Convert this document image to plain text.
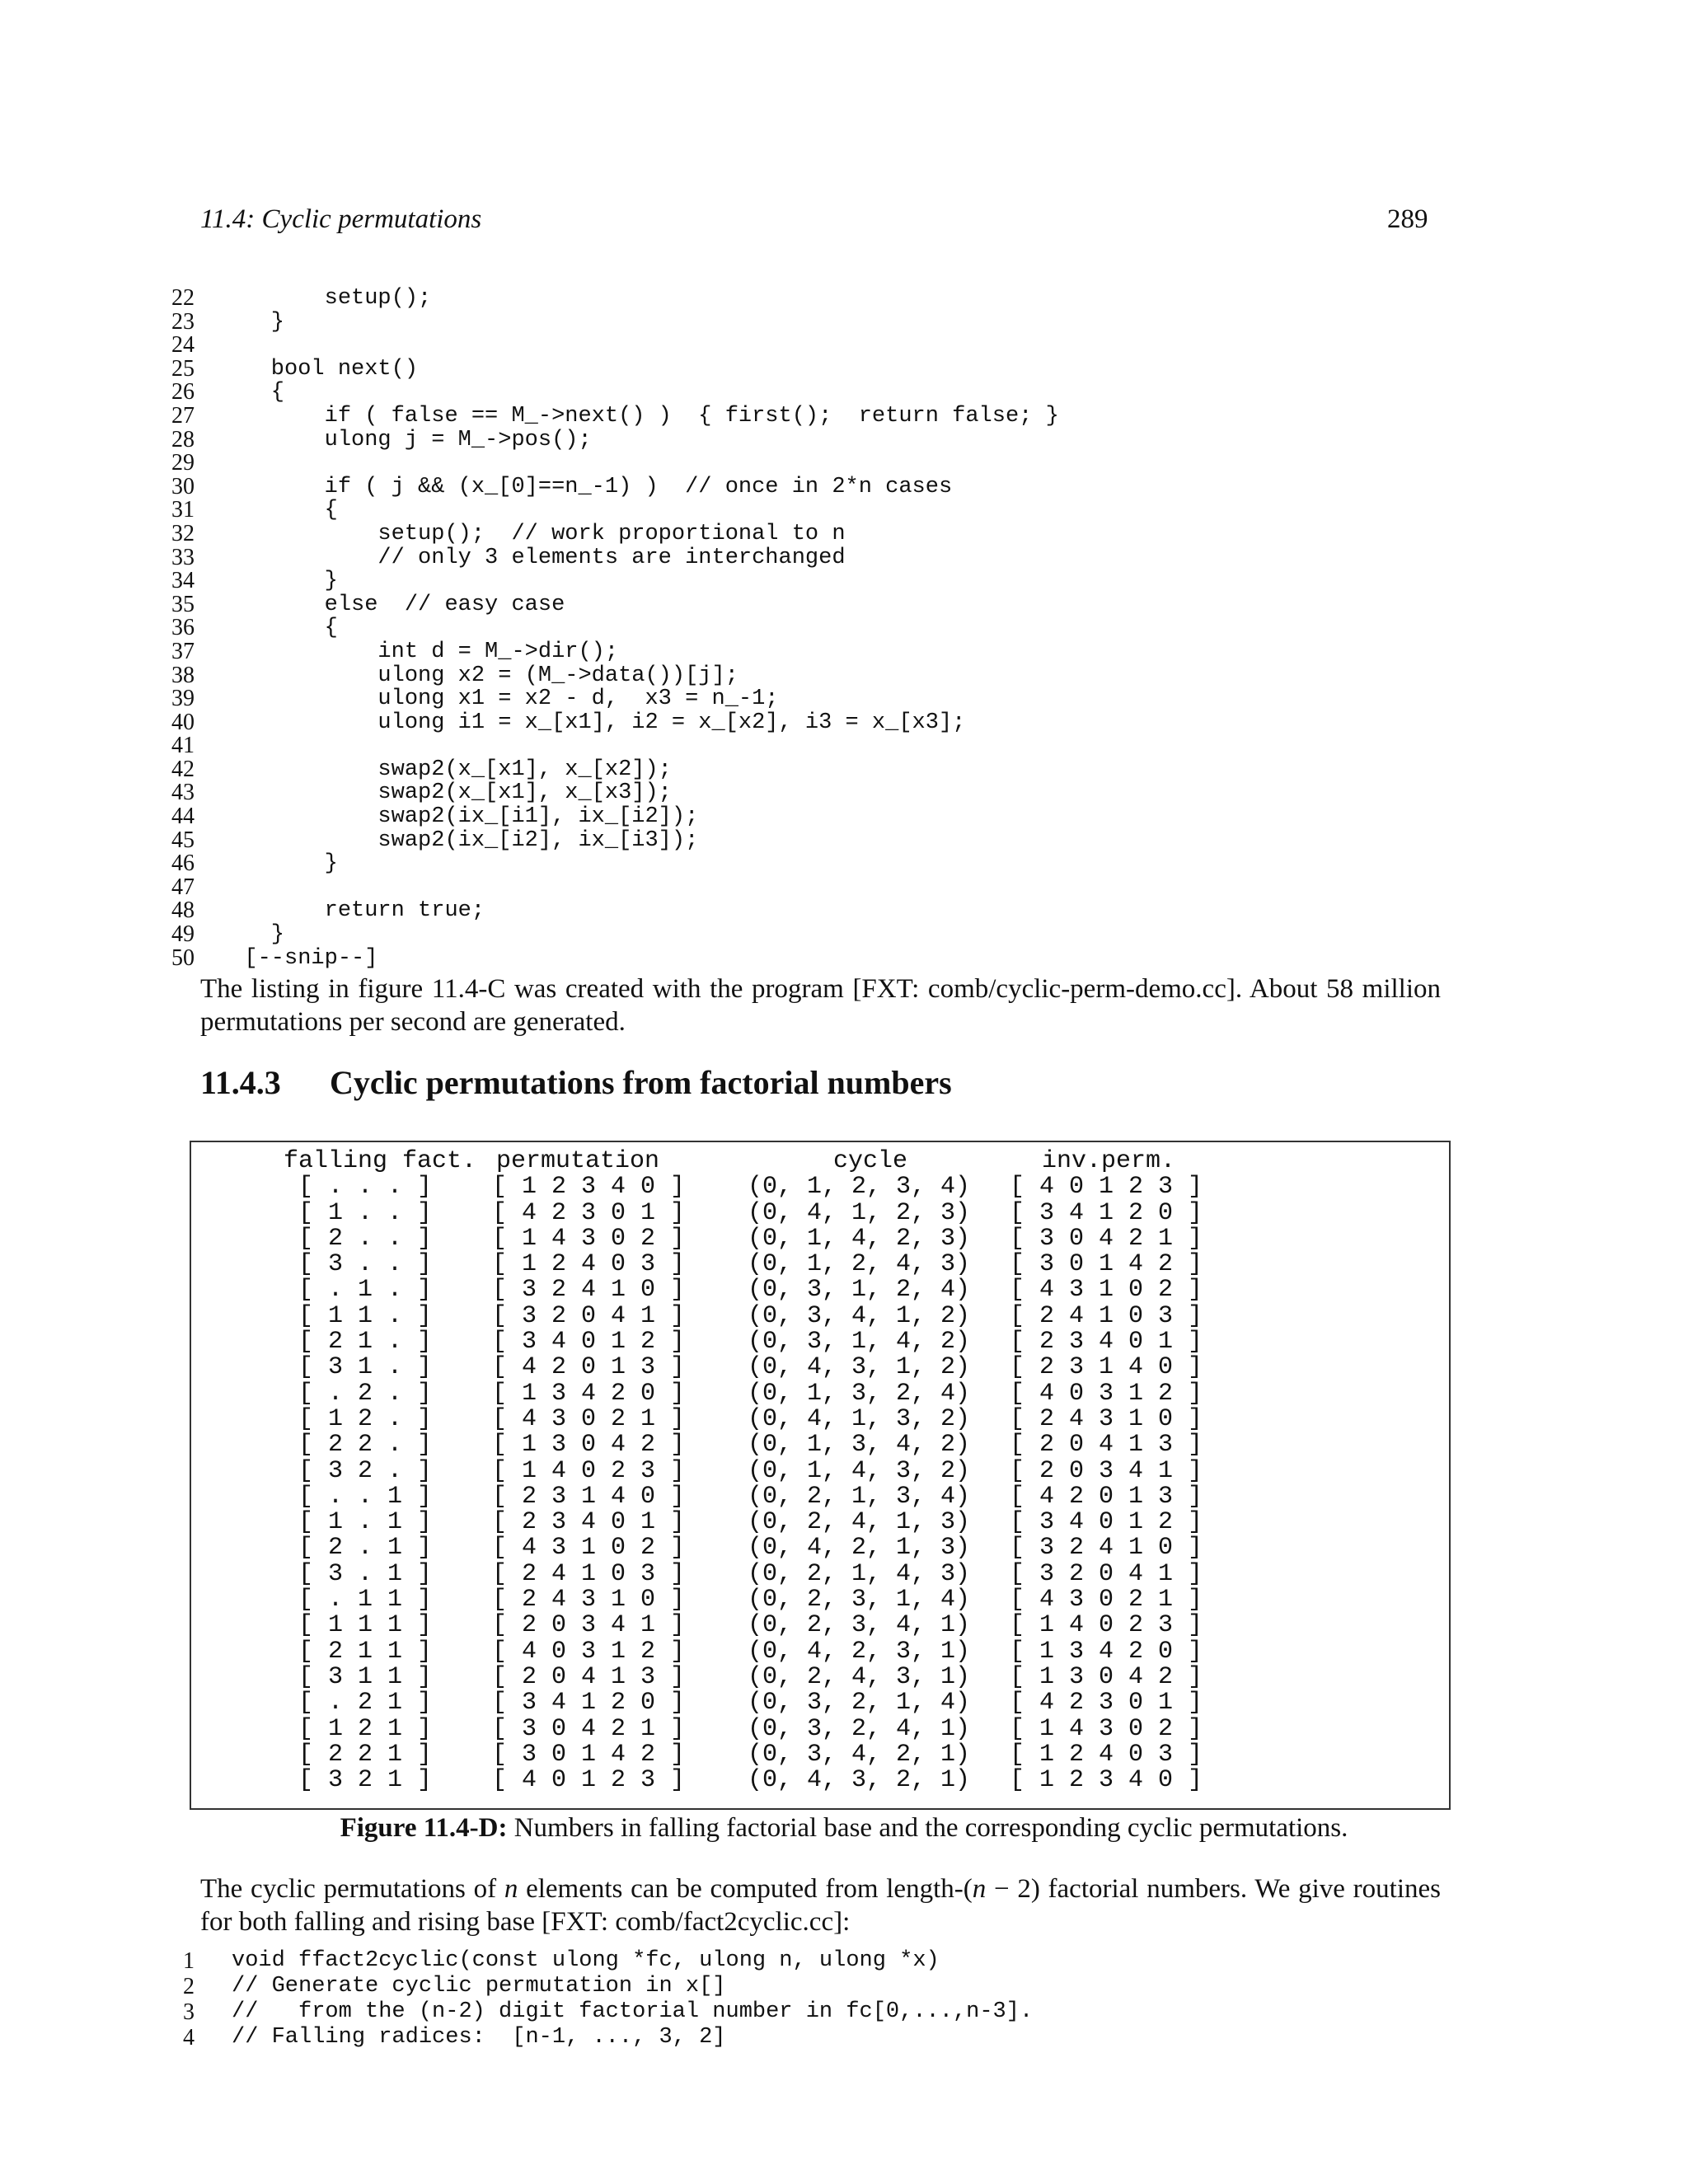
11.4: Cyclic permutations	289
22        setup();
23    }
24
25    bool next()
26    {
27        if ( false == M_->next() )  { first();  return false; }
28        ulong j = M_->pos();
29
30        if ( j && (x_[0]==n_-1) )  // once in 2*n cases
31        {
32            setup();  // work proportional to n
33            // only 3 elements are interchanged
34        }
35        else  // easy case
36        {
37            int d = M_->dir();
38            ulong x2 = (M_->data())[j];
39            ulong x1 = x2 - d,  x3 = n_-1;
40            ulong i1 = x_[x1], i2 = x_[x2], i3 = x_[x3];
41
42            swap2(x_[x1], x_[x2]);
43            swap2(x_[x1], x_[x3]);
44            swap2(ix_[i1], ix_[i2]);
45            swap2(ix_[i2], ix_[i3]);
46        }
47
48        return true;
49    }
50  [--snip--]

The listing in figure 11.4-C was created with the program [FXT: comb/cyclic-perm-demo.cc]. About 58 million permutations per second are generated.

11.4.3 Cyclic permutations from factorial numbers
falling fact. permutation	cycle	inv.perm.
[ . . . ]	[ 1 2 3 4 0 ]	(0, 1, 2, 3, 4)	[ 4 0 1 2 3 ]
[ 1 . . ]	[ 4 2 3 0 1 ]	(0, 4, 1, 2, 3)	[ 3 4 1 2 0 ]
[ 2 . . ]	[ 1 4 3 0 2 ]	(0, 1, 4, 2, 3)	[ 3 0 4 2 1 ]
[ 3 . . ]	[ 1 2 4 0 3 ]	(0, 1, 2, 4, 3)	[ 3 0 1 4 2 ]
[ . 1 . ]	[ 3 2 4 1 0 ]	(0, 3, 1, 2, 4)	[ 4 3 1 0 2 ]
[ 1 1 . ]	[ 3 2 0 4 1 ]	(0, 3, 4, 1, 2)	[ 2 4 1 0 3 ]
[ 2 1 . ]	[ 3 4 0 1 2 ]	(0, 3, 1, 4, 2)	[ 2 3 4 0 1 ]
[ 3 1 . ]	[ 4 2 0 1 3 ]	(0, 4, 3, 1, 2)	[ 2 3 1 4 0 ]
[ . 2 . ]	[ 1 3 4 2 0 ]	(0, 1, 3, 2, 4)	[ 4 0 3 1 2 ]
[ 1 2 . ]	[ 4 3 0 2 1 ]	(0, 4, 1, 3, 2)	[ 2 4 3 1 0 ]
[ 2 2 . ]	[ 1 3 0 4 2 ]	(0, 1, 3, 4, 2)	[ 2 0 4 1 3 ]
[ 3 2 . ]	[ 1 4 0 2 3 ]	(0, 1, 4, 3, 2)	[ 2 0 3 4 1 ]
[ . . 1 ]	[ 2 3 1 4 0 ]	(0, 2, 1, 3, 4)	[ 4 2 0 1 3 ]
[ 1 . 1 ]	[ 2 3 4 0 1 ]	(0, 2, 4, 1, 3)	[ 3 4 0 1 2 ]
[ 2 . 1 ]	[ 4 3 1 0 2 ]	(0, 4, 2, 1, 3)	[ 3 2 4 1 0 ]
[ 3 . 1 ]	[ 2 4 1 0 3 ]	(0, 2, 1, 4, 3)	[ 3 2 0 4 1 ]
[ . 1 1 ]	[ 2 4 3 1 0 ]	(0, 2, 3, 1, 4)	[ 4 3 0 2 1 ]
[ 1 1 1 ]	[ 2 0 3 4 1 ]	(0, 2, 3, 4, 1)	[ 1 4 0 2 3 ]
[ 2 1 1 ]	[ 4 0 3 1 2 ]	(0, 4, 2, 3, 1)	[ 1 3 4 2 0 ]
[ 3 1 1 ]	[ 2 0 4 1 3 ]	(0, 2, 4, 3, 1)	[ 1 3 0 4 2 ]
[ . 2 1 ]	[ 3 4 1 2 0 ]	(0, 3, 2, 1, 4)	[ 4 2 3 0 1 ]
[ 1 2 1 ]	[ 3 0 4 2 1 ]	(0, 3, 2, 4, 1)	[ 1 4 3 0 2 ]
[ 2 2 1 ]	[ 3 0 1 4 2 ]	(0, 3, 4, 2, 1)	[ 1 2 4 0 3 ]
[ 3 2 1 ]	[ 4 0 1 2 3 ]	(0, 4, 3, 2, 1)	[ 1 2 3 4 0 ]
Figure 11.4-D: Numbers in falling factorial base and the corresponding cyclic permutations.

The cyclic permutations of n elements can be computed from length-(n − 2) factorial numbers. We give routines for both falling and rising base [FXT: comb/fact2cyclic.cc]:

1 void ffact2cyclic(const ulong *fc, ulong n, ulong *x)
2 // Generate cyclic permutation in x[]
3 //   from the (n-2) digit factorial number in fc[0,...,n-3].
4 // Falling radices:  [n-1, ..., 3, 2]
